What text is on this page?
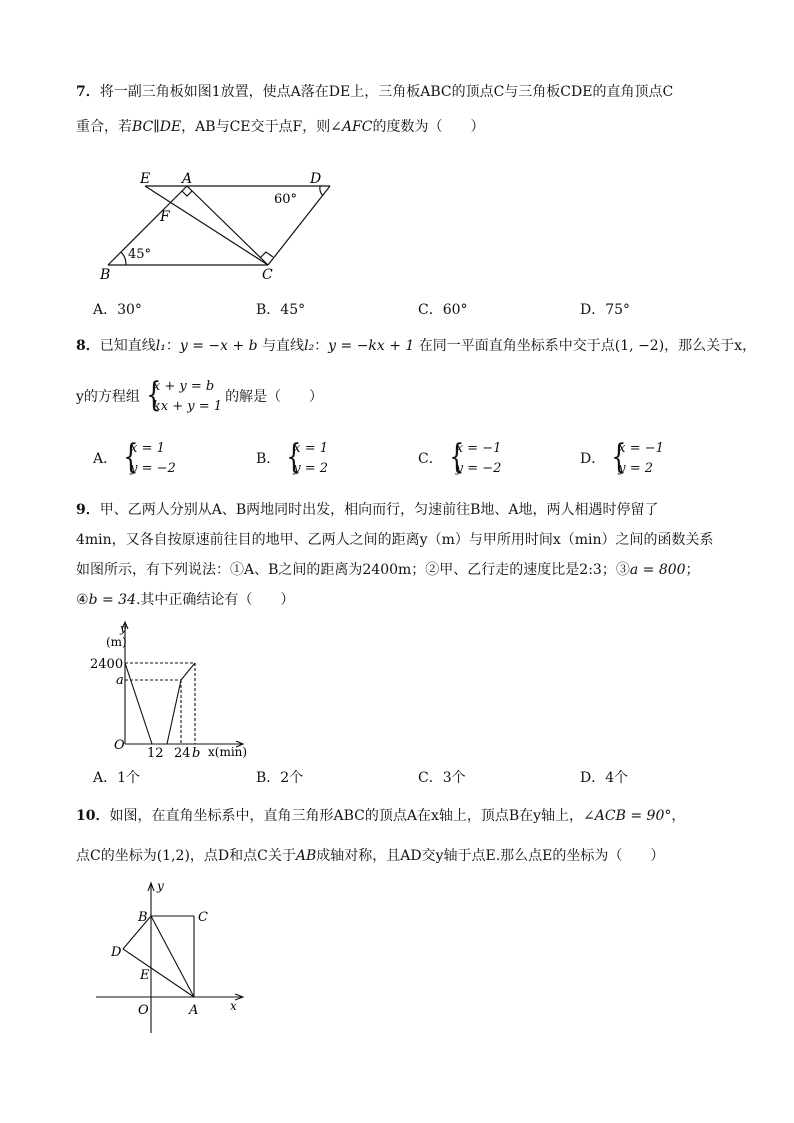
7．将一副三角板如图1放置，使点A落在DE上，三角板ABC的顶点C与三角板CDE的直角顶点C
重合，若BC∥DE，AB与CE交于点F，则∠AFC的度数为（　　）
E A	D
F
B	C
60°
45°
A．30°	B．45°	C．60°	D．75°
8．已知直线l₁：y = −x + b 与直线l₂：y = −kx + 1 在同一平面直角坐标系中交于点(1, −2)，那么关于x，
y的方程组 {
x + y = b
kx + y = 1
的解是（　　）
A． {
x = 1
y = −2
B． {
x = 1
y = 2
C． {
x = −1
y = −2
D． {
x = −1
y = 2
9．甲、乙两人分别从A、B两地同时出发，相向而行，匀速前往B地、A地，两人相遇时停留了
4min，又各自按原速前往目的地甲、乙两人之间的距离y（m）与甲所用时间x（min）之间的函数关系
如图所示，有下列说法：①A、B之间的距离为2400m；②甲、乙行走的速度比是2:3；③a = 800；
④b = 34.其中正确结论有（　　）
y
(m)
2400
a
O
12 24 b x(min)
A．1个	B．2个	C．3个	D．4个
10．如图，在直角坐标系中，直角三角形ABC的顶点A在x轴上，顶点B在y轴上，∠ACB = 90°，
点C的坐标为(1,2)，点D和点C关于AB成轴对称，且AD交y轴于点E.那么点E的坐标为（　　）
y
x
B	C
D
E
O	A
